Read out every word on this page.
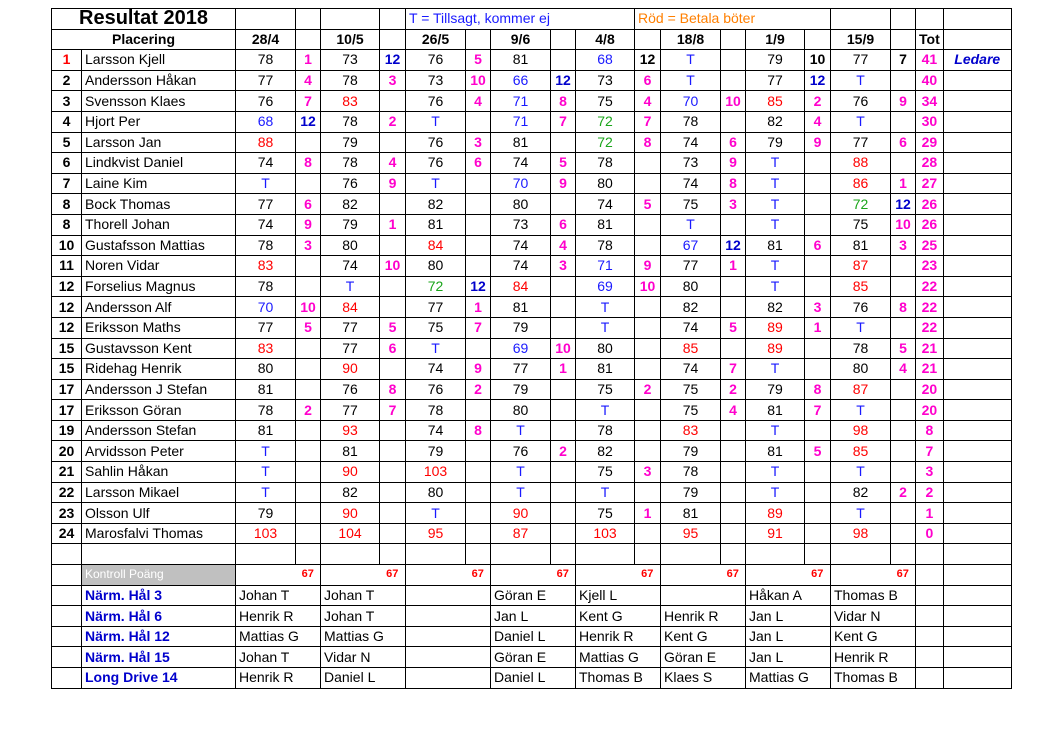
Resultat 2018						T = Tillsagt, kommer ej					Röd = Betala böter								
Placering		28/4		10/5		26/5		9/6		4/8		18/8		1/9		15/9		Tot	
1	Larsson Kjell	78	1	73	12	76	5	81		68	12	T		79	10	77	7	41	Ledare
2	Andersson Håkan	77	4	78	3	73	10	66	12	73	6	T		77	12	T		40	
3	Svensson Klaes	76	7	83		76	4	71	8	75	4	70	10	85	2	76	9	34	
4	Hjort Per	68	12	78	2	T		71	7	72	7	78		82	4	T		30	
5	Larsson Jan	88		79		76	3	81		72	8	74	6	79	9	77	6	29	
6	Lindkvist Daniel	74	8	78	4	76	6	74	5	78		73	9	T		88		28	
7	Laine Kim	T		76	9	T		70	9	80		74	8	T		86	1	27	
8	Bock Thomas	77	6	82		82		80		74	5	75	3	T		72	12	26	
8	Thorell Johan	74	9	79	1	81		73	6	81		T		T		75	10	26	
10	Gustafsson Mattias	78	3	80		84		74	4	78		67	12	81	6	81	3	25	
11	Noren Vidar	83		74	10	80		74	3	71	9	77	1	T		87		23	
12	Forselius Magnus	78		T		72	12	84		69	10	80		T		85		22	
12	Andersson Alf	70	10	84		77	1	81		T		82		82	3	76	8	22	
12	Eriksson Maths	77	5	77	5	75	7	79		T		74	5	89	1	T		22	
15	Gustavsson Kent	83		77	6	T		69	10	80		85		89		78	5	21	
15	Ridehag Henrik	80		90		74	9	77	1	81		74	7	T		80	4	21	
17	Andersson J Stefan	81		76	8	76	2	79		75	2	75	2	79	8	87		20	
17	Eriksson Göran	78	2	77	7	78		80		T		75	4	81	7	T		20	
19	Andersson Stefan	81		93		74	8	T		78		83		T		98		8	
20	Arvidsson Peter	T		81		79		76	2	82		79		81	5	85		7	
21	Sahlin Håkan	T		90		103		T		75	3	78		T		T		3	
22	Larsson Mikael	T		82		80		T		T		79		T		82	2	2	
23	Olsson Ulf	79		90		T		90		75	1	81		89		T		1	
24	Marosfalvi Thomas	103		104		95		87		103		95		91		98		0	

	Kontroll Poäng		67		67		67		67		67		67		67		67		
	Närm. Hål 3	Johan T		Johan T				Göran E		Kjell L				Håkan A		Thomas B			
	Närm. Hål 6	Henrik R		Johan T				Jan L		Kent G		Henrik R		Jan L		Vidar N			
	Närm. Hål 12	Mattias G		Mattias G				Daniel L		Henrik R		Kent G		Jan L		Kent G			
	Närm. Hål 15	Johan T		Vidar N				Göran E		Mattias G		Göran E		Jan L		Henrik R			
	Long Drive 14	Henrik R		Daniel L				Daniel L		Thomas B		Klaes S		Mattias G		Thomas B			
